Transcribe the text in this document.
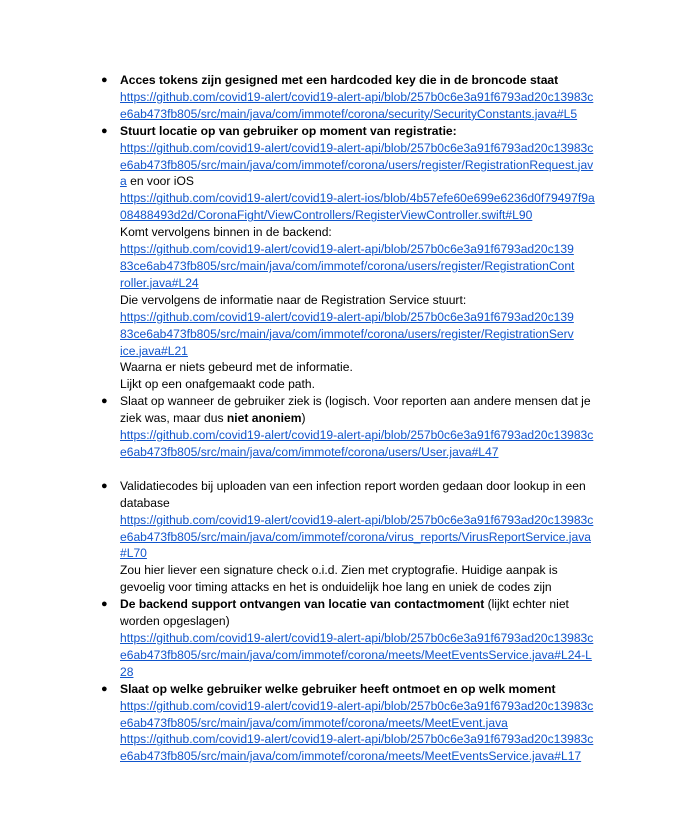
● Acces tokens zijn gesigned met een hardcoded key die in de broncode staat
https://github.com/covid19-alert/covid19-alert-api/blob/257b0c6e3a91f6793ad20c13983c
e6ab473fb805/src/main/java/com/immotef/corona/security/SecurityConstants.java#L5
● Stuurt locatie op van gebruiker op moment van registratie:
https://github.com/covid19-alert/covid19-alert-api/blob/257b0c6e3a91f6793ad20c13983c
e6ab473fb805/src/main/java/com/immotef/corona/users/register/RegistrationRequest.jav
a en voor iOS
https://github.com/covid19-alert/covid19-alert-ios/blob/4b57efe60e699e6236d0f79497f9a
08488493d2d/CoronaFight/ViewControllers/RegisterViewController.swift#L90
Komt vervolgens binnen in de backend:
https://github.com/covid19-alert/covid19-alert-api/blob/257b0c6e3a91f6793ad20c139
83ce6ab473fb805/src/main/java/com/immotef/corona/users/register/RegistrationCont
roller.java#L24
Die vervolgens de informatie naar de Registration Service stuurt:
https://github.com/covid19-alert/covid19-alert-api/blob/257b0c6e3a91f6793ad20c139
83ce6ab473fb805/src/main/java/com/immotef/corona/users/register/RegistrationServ
ice.java#L21
Waarna er niets gebeurd met de informatie.
Lijkt op een onafgemaakt code path.
● Slaat op wanneer de gebruiker ziek is (logisch. Voor reporten aan andere mensen dat je
ziek was, maar dus niet anoniem)
https://github.com/covid19-alert/covid19-alert-api/blob/257b0c6e3a91f6793ad20c13983c
e6ab473fb805/src/main/java/com/immotef/corona/users/User.java#L47
● Validatiecodes bij uploaden van een infection report worden gedaan door lookup in een
database
https://github.com/covid19-alert/covid19-alert-api/blob/257b0c6e3a91f6793ad20c13983c
e6ab473fb805/src/main/java/com/immotef/corona/virus_reports/VirusReportService.java
#L70
Zou hier liever een signature check o.i.d. Zien met cryptografie. Huidige aanpak is
gevoelig voor timing attacks en het is onduidelijk hoe lang en uniek de codes zijn
● De backend support ontvangen van locatie van contactmoment (lijkt echter niet
worden opgeslagen)
https://github.com/covid19-alert/covid19-alert-api/blob/257b0c6e3a91f6793ad20c13983c
e6ab473fb805/src/main/java/com/immotef/corona/meets/MeetEventsService.java#L24-L
28
● Slaat op welke gebruiker welke gebruiker heeft ontmoet en op welk moment
https://github.com/covid19-alert/covid19-alert-api/blob/257b0c6e3a91f6793ad20c13983c
e6ab473fb805/src/main/java/com/immotef/corona/meets/MeetEvent.java
https://github.com/covid19-alert/covid19-alert-api/blob/257b0c6e3a91f6793ad20c13983c
e6ab473fb805/src/main/java/com/immotef/corona/meets/MeetEventsService.java#L17
